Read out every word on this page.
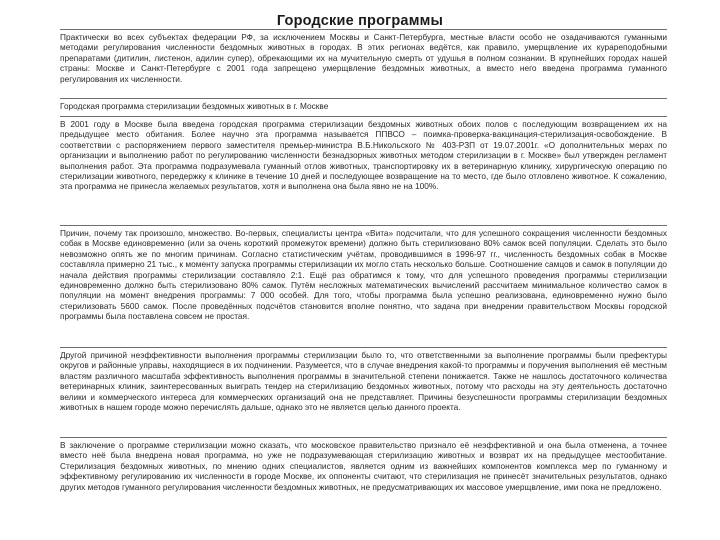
Городские программы

Практически во всех субъектах федерации РФ, за исключением Москвы и Санкт-Петербурга, местные власти особо не озадачиваются гуманными методами регулирования численности бездомных животных в городах. В этих регионах ведётся, как правило, умерщвление их курареподобными препаратами (дитилин, листенон, адилин супер), обрекающими их на мучительную смерть от удушья в полном сознании. В крупнейших городах нашей страны: Москве и Санкт-Петербурге с 2001 года запрещено умерщвление бездомных животных, а вместо него введена программа гуманного регулирования их численности.

Городская программа стерилизации бездомных животных в г. Москве

В 2001 году в Москве была введена городская программа стерилизации бездомных животных обоих полов с последующим возвращением их на предыдущее место обитания. Более научно эта программа называется ППВСО – поимка-проверка-вакцинация-стерилизация-освобождение. В соответствии с распоряжением первого заместителя премьер-министра В.Б.Никольского № 403-РЗП от 19.07.2001г. «О дополнительных мерах по организации и выполнению работ по регулированию численности безнадзорных животных методом стерилизации в г. Москве» был утвержден регламент выполнения работ. Эта программа подразумевала гуманный отлов животных, транспортировку их в ветеринарную клинику, хирургическую операцию по стерилизации животного, передержку к клинике в течение 10 дней и последующее возвращение на то место, где было отловлено животное. К сожалению, эта программа не принесла желаемых результатов, хотя и выполнена она была явно не на 100%.

Причин, почему так произошло, множество. Во-первых, специалисты центра «Вита» подсчитали, что для успешного сокращения численности бездомных собак в Москве единовременно (или за очень короткий промежуток времени) должно быть стерилизовано 80% самок всей популяции. Сделать это было невозможно опять же по многим причинам. Согласно статистическим учётам, проводившимся в 1996-97 гг., численность бездомных собак в Москве составляла примерно 21 тыс., к моменту запуска программы стерилизации их могло стать несколько больше. Соотношение самцов и самок в популяции до начала действия программы стерилизации составляло 2:1. Ещё раз обратимся к тому, что для успешного проведения программы стерилизации единовременно должно быть стерилизовано 80% самок. Путём несложных математических вычислений рассчитаем минимальное количество самок в популяции на момент внедрения программы: 7 000 особей. Для того, чтобы программа была успешно реализована, единовременно нужно было стерилизовать 5600 самок. После проведённых подсчётов становится вполне понятно, что задача при внедрении правительством Москвы городской программы была поставлена совсем не простая.

Другой причиной неэффективности выполнения программы стерилизации было то, что ответственными за выполнение программы были префектуры округов и районные управы, находящиеся в их подчинении. Разумеется, что в случае внедрения какой-то программы и поручения выполнения её местным властям различного масштаба эффективность выполнения программы в значительной степени понижается. Также не нашлось достаточного количества ветеринарных клиник, заинтересованных выиграть тендер на стерилизацию бездомных животных, потому что расходы на эту деятельность достаточно велики и коммерческого интереса для коммерческих организаций она не представляет. Причины безуспешности программы стерилизации бездомных животных в нашем городе можно перечислять дальше, однако это не является целью данного проекта.

В заключение о программе стерилизации можно сказать, что московское правительство признало её неэффективной и она была отменена, а точнее вместо неё была внедрена новая программа, но уже не подразумевающая стерилизацию животных и возврат их на предыдущее местообитание. Стерилизация бездомных животных, по мнению одних специалистов, является одним из важнейших компонентов комплекса мер по гуманному и эффективному регулированию их численности в городе Москве, их оппоненты считают, что стерилизация не принесёт значительных результатов, однако других методов гуманного регулирования численности бездомных животных, не предусматривающих их массовое умерщвление, ими пока не предложено.
